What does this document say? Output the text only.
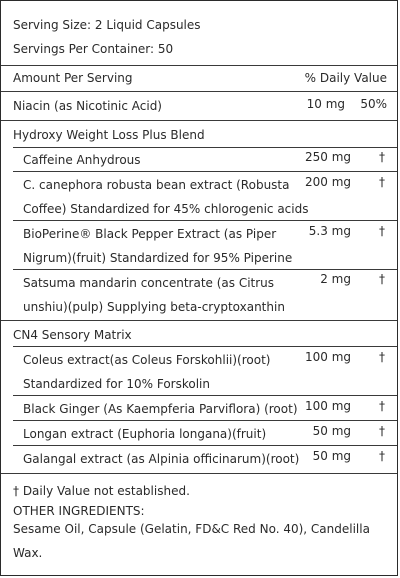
Serving Size: 2 Liquid Capsules
Servings Per Container: 50
Amount Per Serving	% Daily Value
Niacin (as Nicotinic Acid)	10 mg 50%
Hydroxy Weight Loss Plus Blend
Caffeine Anhydrous	250 mg †
C. canephora robusta bean extract (Robusta Coffee) Standardized for 45% chlorogenic acids
200 mg †
BioPerine® Black Pepper Extract (as Piper Nigrum)(fruit) Standardized for 95% Piperine
5.3 mg †
Satsuma mandarin concentrate (as Citrus unshiu)(pulp) Supplying beta-cryptoxanthin
2 mg †
CN4 Sensory Matrix
Coleus extract(as Coleus Forskohlii)(root) Standardized for 10% Forskolin
100 mg †
Black Ginger (As Kaempferia Parviflora) (root) 100 mg †
Longan extract (Euphoria longana)(fruit)	50 mg †
Galangal extract (as Alpinia officinarum)(root) 50 mg †
† Daily Value not established.
OTHER INGREDIENTS:
Sesame Oil, Capsule (Gelatin, FD&C Red No. 40), Candelilla Wax.
